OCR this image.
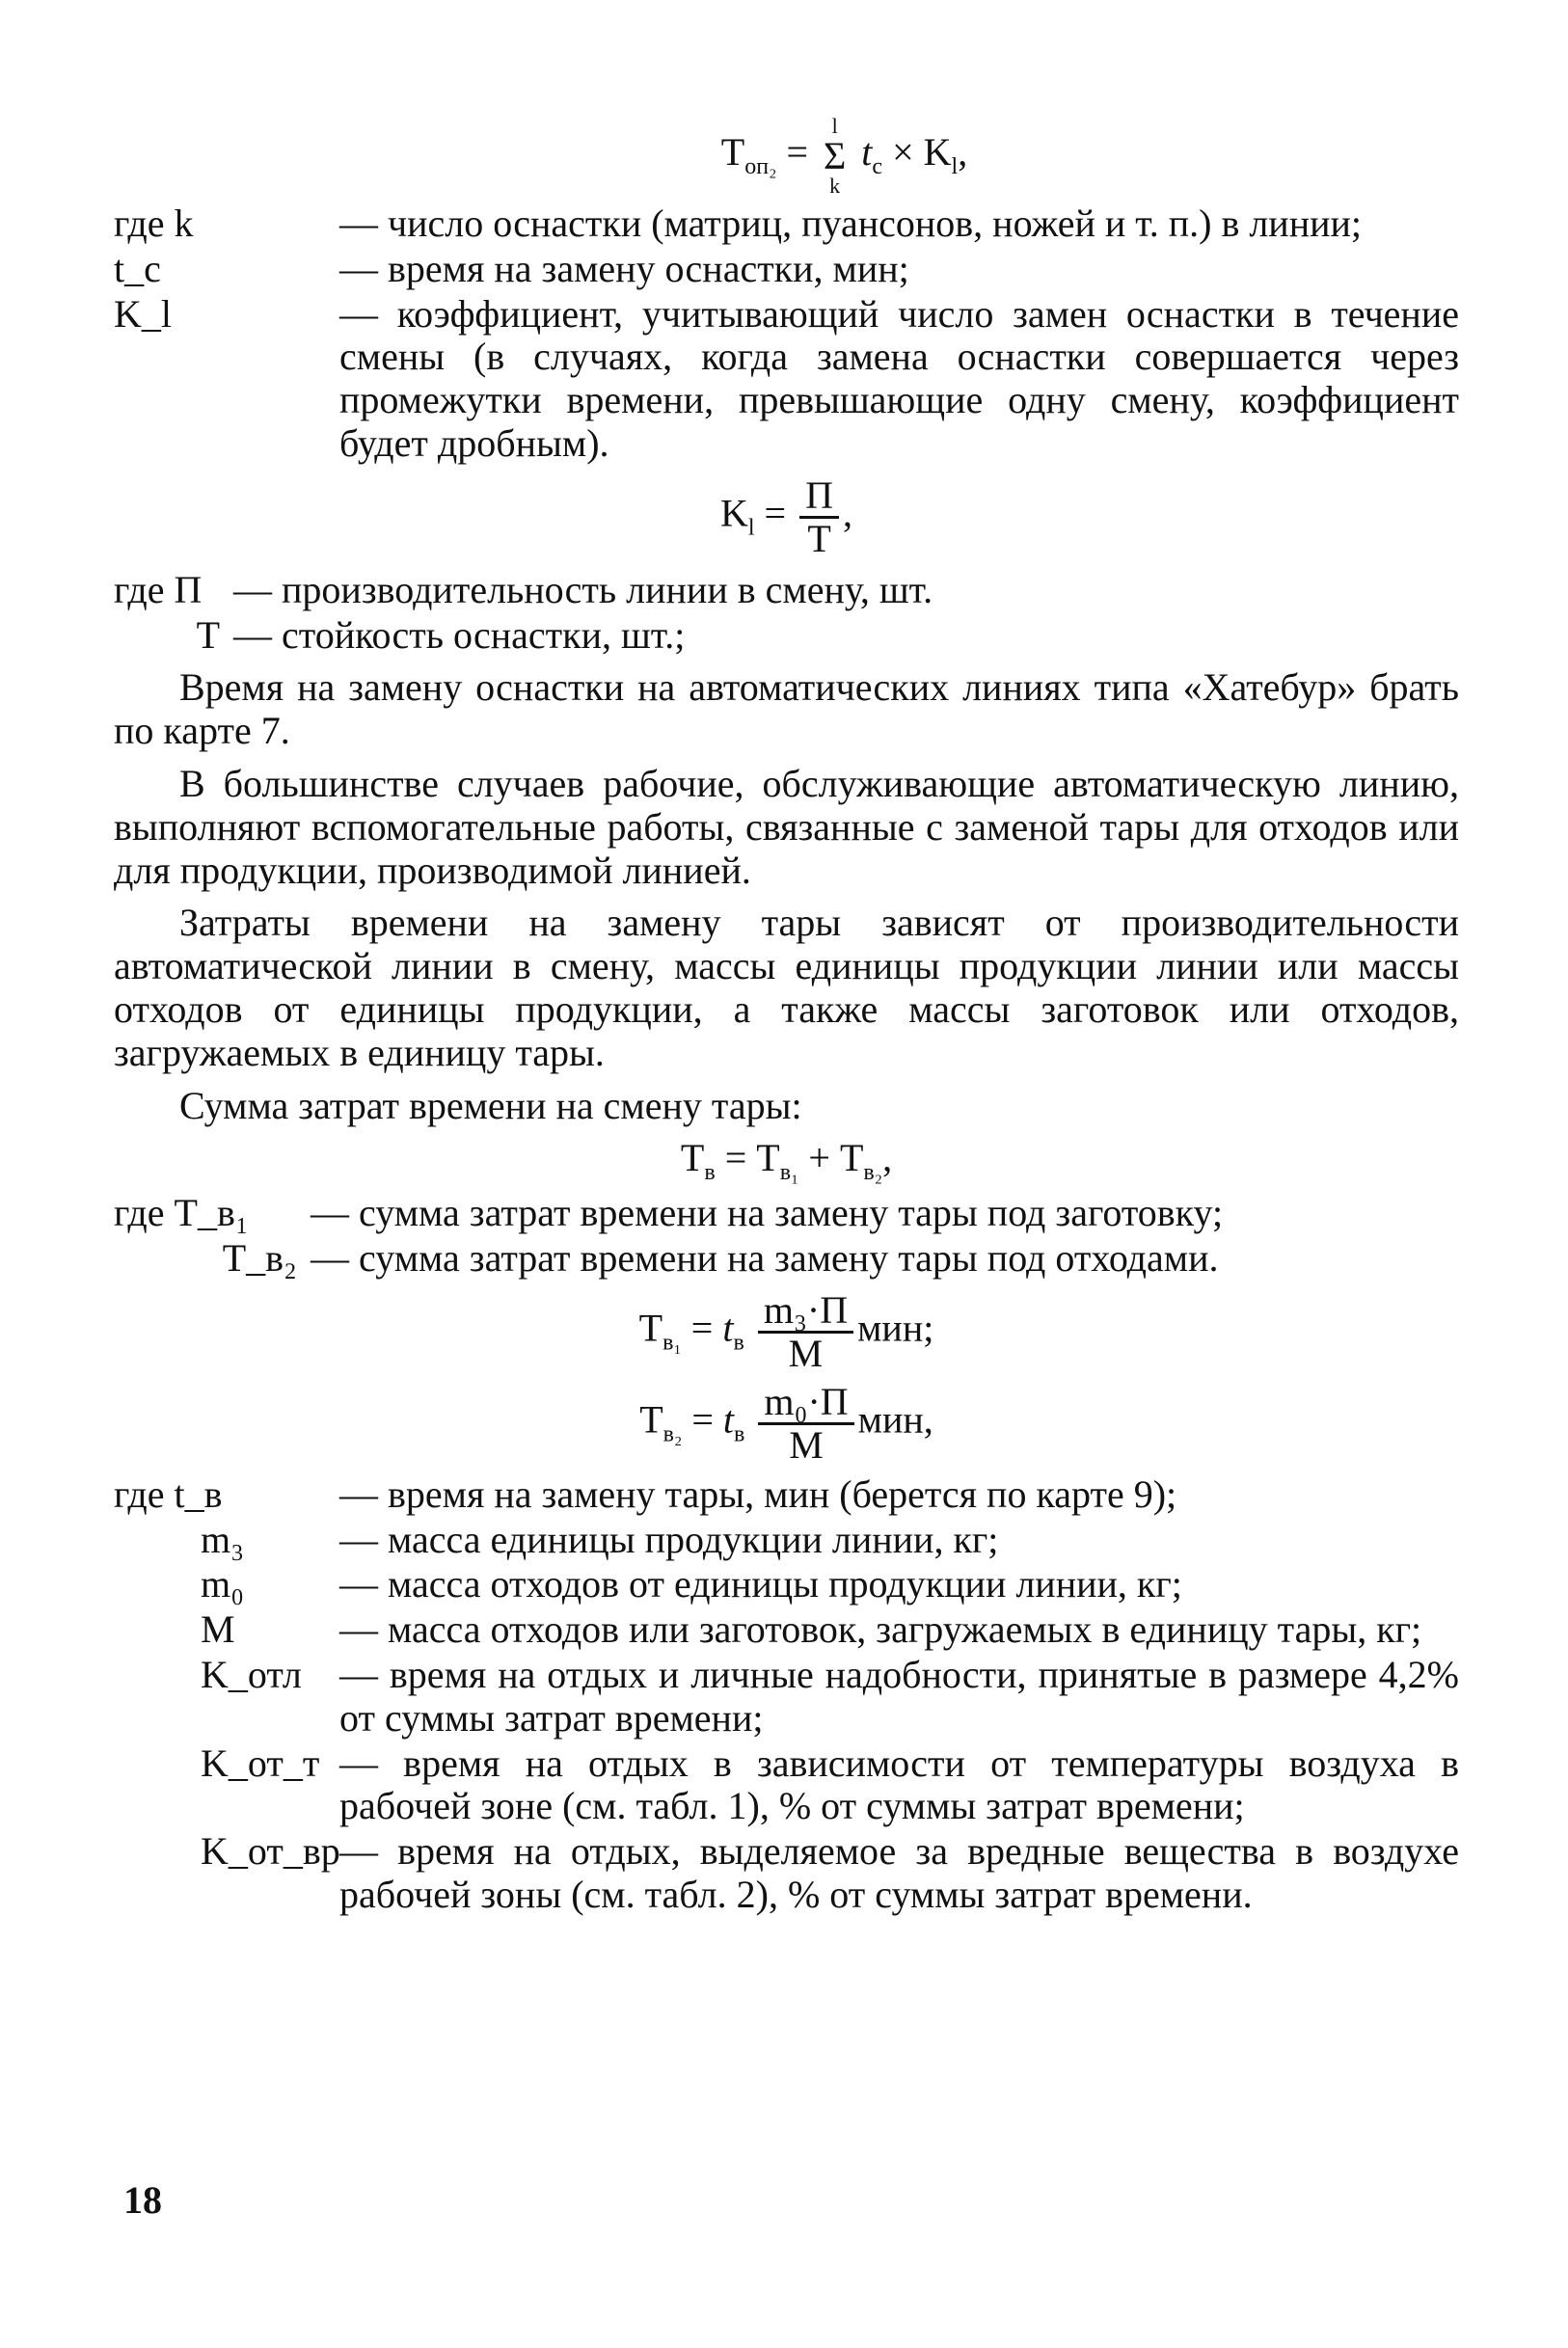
$T_{оп_2}$ =
l
Σ
k
$t_c \times K_l$,
где k	— число оснастки (матриц, пуансонов, ножей и т. п.) в линии;
t_c	— время на замену оснастки, мин;
K_l	— коэффициент, учитывающий число замен оснастки в течение смены (в случаях, когда замена оснастки совершается через промежутки времени, превышающие одну смену, коэффициент будет дробным).
$K_l = \frac{П}{T}$ ,
где П — производительность линии в смену, шт.
T — стойкость оснастки, шт.;

Время на замену оснастки на автоматических линиях типа «Хатебур» брать по карте 7.

В большинстве случаев рабочие, обслуживающие автоматическую линию, выполняют вспомогательные работы, связанные с заменой тары для отходов или для продукции, производимой линией.

Затраты времени на замену тары зависят от производительности автоматической линии в смену, массы единицы продукции линии или массы отходов от единицы продукции, а также массы заготовок или отходов, загружаемых в единицу тары.

Сумма затрат времени на смену тары:

$T_в = T_{в_1} + T_{в_2}$,
где T_в₁	— сумма затрат времени на замену тары под заготовку;
T_в₂ — сумма затрат времени на замену тары под отходами.
$T_{в_1} = t_в \frac{\text{m₃·П}}{М}$ мин;
$T_{в_2} = t_в \frac{\text{m₀·П}}{М}$ мин,
где t_в	— время на замену тары, мин (берется по карте 9);
m₃	— масса единицы продукции линии, кг;
m₀	— масса отходов от единицы продукции линии, кг;
М	— масса отходов или заготовок, загружаемых в единицу тары, кг;
K_отл — время на отдых и личные надобности, принятые в размере 4,2% от суммы затрат времени;
K_от_т — время на отдых в зависимости от температуры воздуха в рабочей зоне (см. табл. 1), % от суммы затрат времени;
K_от_вр — время на отдых, выделяемое за вредные вещества в воздухе рабочей зоны (см. табл. 2), % от суммы затрат времени.
18
